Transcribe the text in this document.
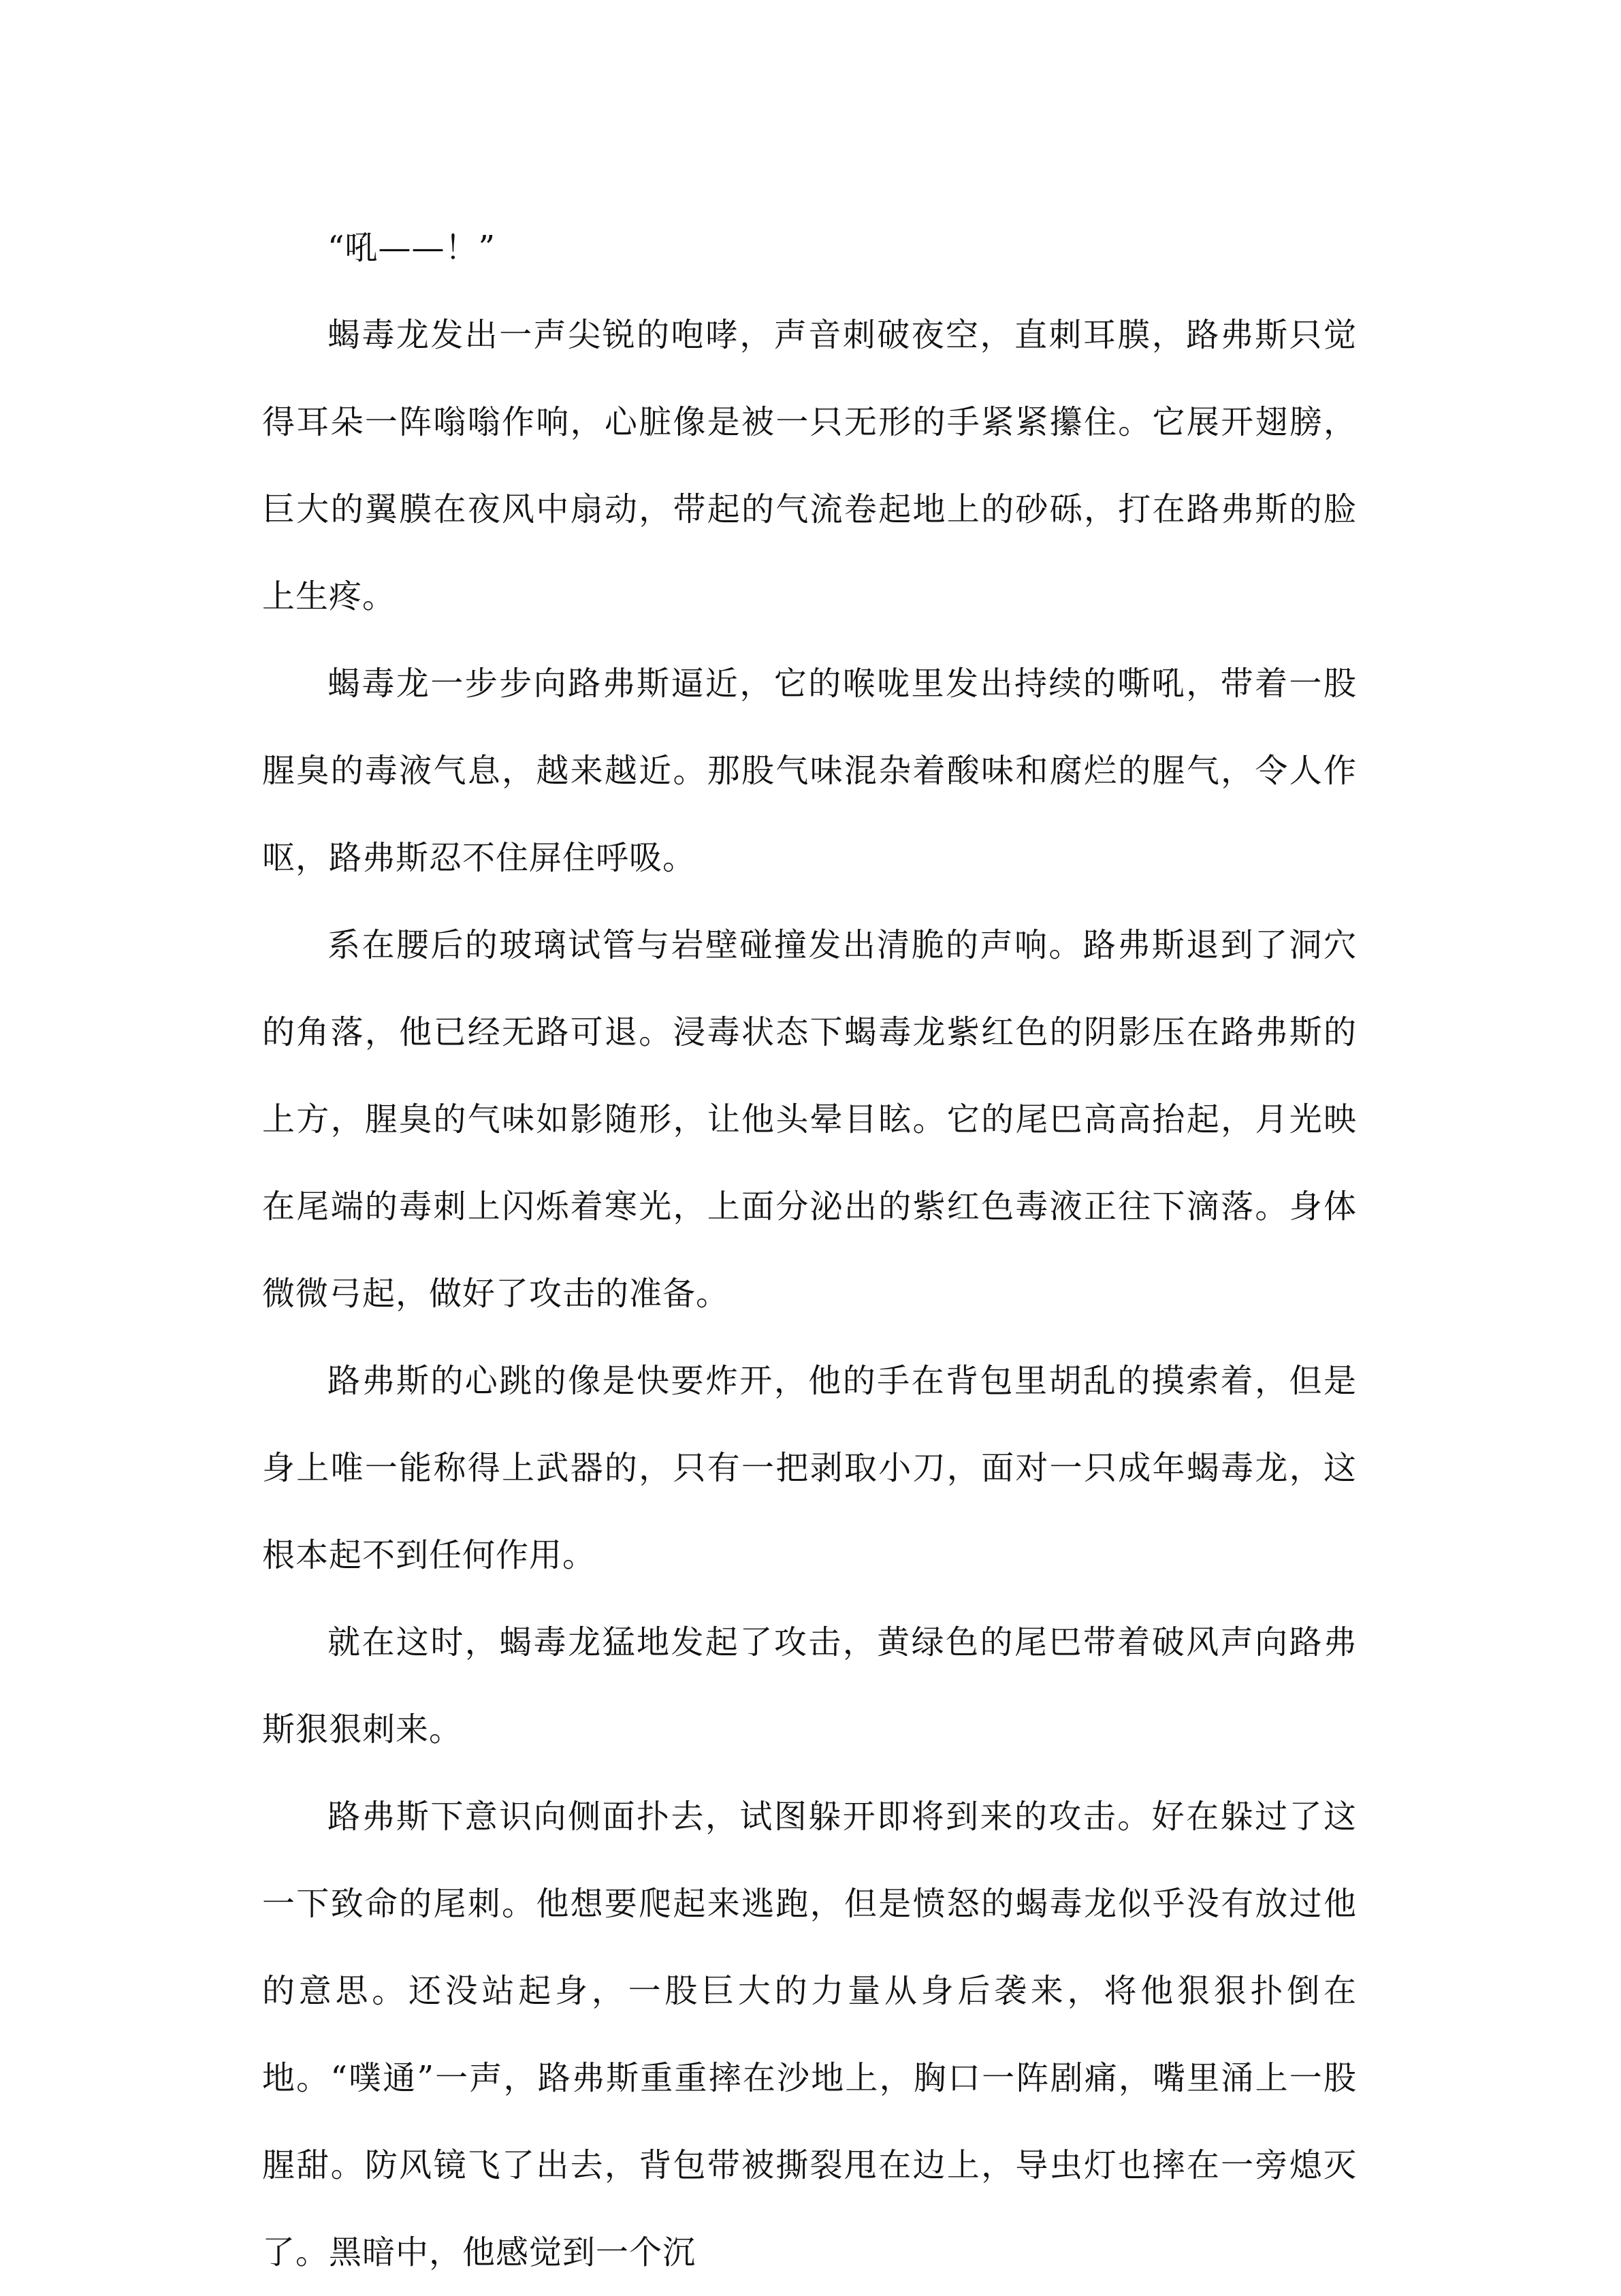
“吼——！”

蝎毒龙发出一声尖锐的咆哮，声音刺破夜空，直刺耳膜，路弗斯只觉得耳朵一阵嗡嗡作响，心脏像是被一只无形的手紧紧攥住。它展开翅膀，巨大的翼膜在夜风中扇动，带起的气流卷起地上的砂砾，打在路弗斯的脸上生疼。

蝎毒龙一步步向路弗斯逼近，它的喉咙里发出持续的嘶吼，带着一股腥臭的毒液气息，越来越近。那股气味混杂着酸味和腐烂的腥气，令人作呕，路弗斯忍不住屏住呼吸。

系在腰后的玻璃试管与岩壁碰撞发出清脆的声响。路弗斯退到了洞穴的角落，他已经无路可退。浸毒状态下蝎毒龙紫红色的阴影压在路弗斯的上方，腥臭的气味如影随形，让他头晕目眩。它的尾巴高高抬起，月光映在尾端的毒刺上闪烁着寒光，上面分泌出的紫红色毒液正往下滴落。身体微微弓起，做好了攻击的准备。

路弗斯的心跳的像是快要炸开，他的手在背包里胡乱的摸索着，但是身上唯一能称得上武器的，只有一把剥取小刀，面对一只成年蝎毒龙，这根本起不到任何作用。

就在这时，蝎毒龙猛地发起了攻击，黄绿色的尾巴带着破风声向路弗斯狠狠刺来。

路弗斯下意识向侧面扑去，试图躲开即将到来的攻击。好在躲过了这一下致命的尾刺。他想要爬起来逃跑，但是愤怒的蝎毒龙似乎没有放过他的意思。还没站起身，一股巨大的力量从身后袭来，将他狠狠扑倒在地。“噗通”一声，路弗斯重重摔在沙地上，胸口一阵剧痛，嘴里涌上一股腥甜。防风镜飞了出去，背包带被撕裂甩在边上，导虫灯也摔在一旁熄灭了。黑暗中，他感觉到一个沉
